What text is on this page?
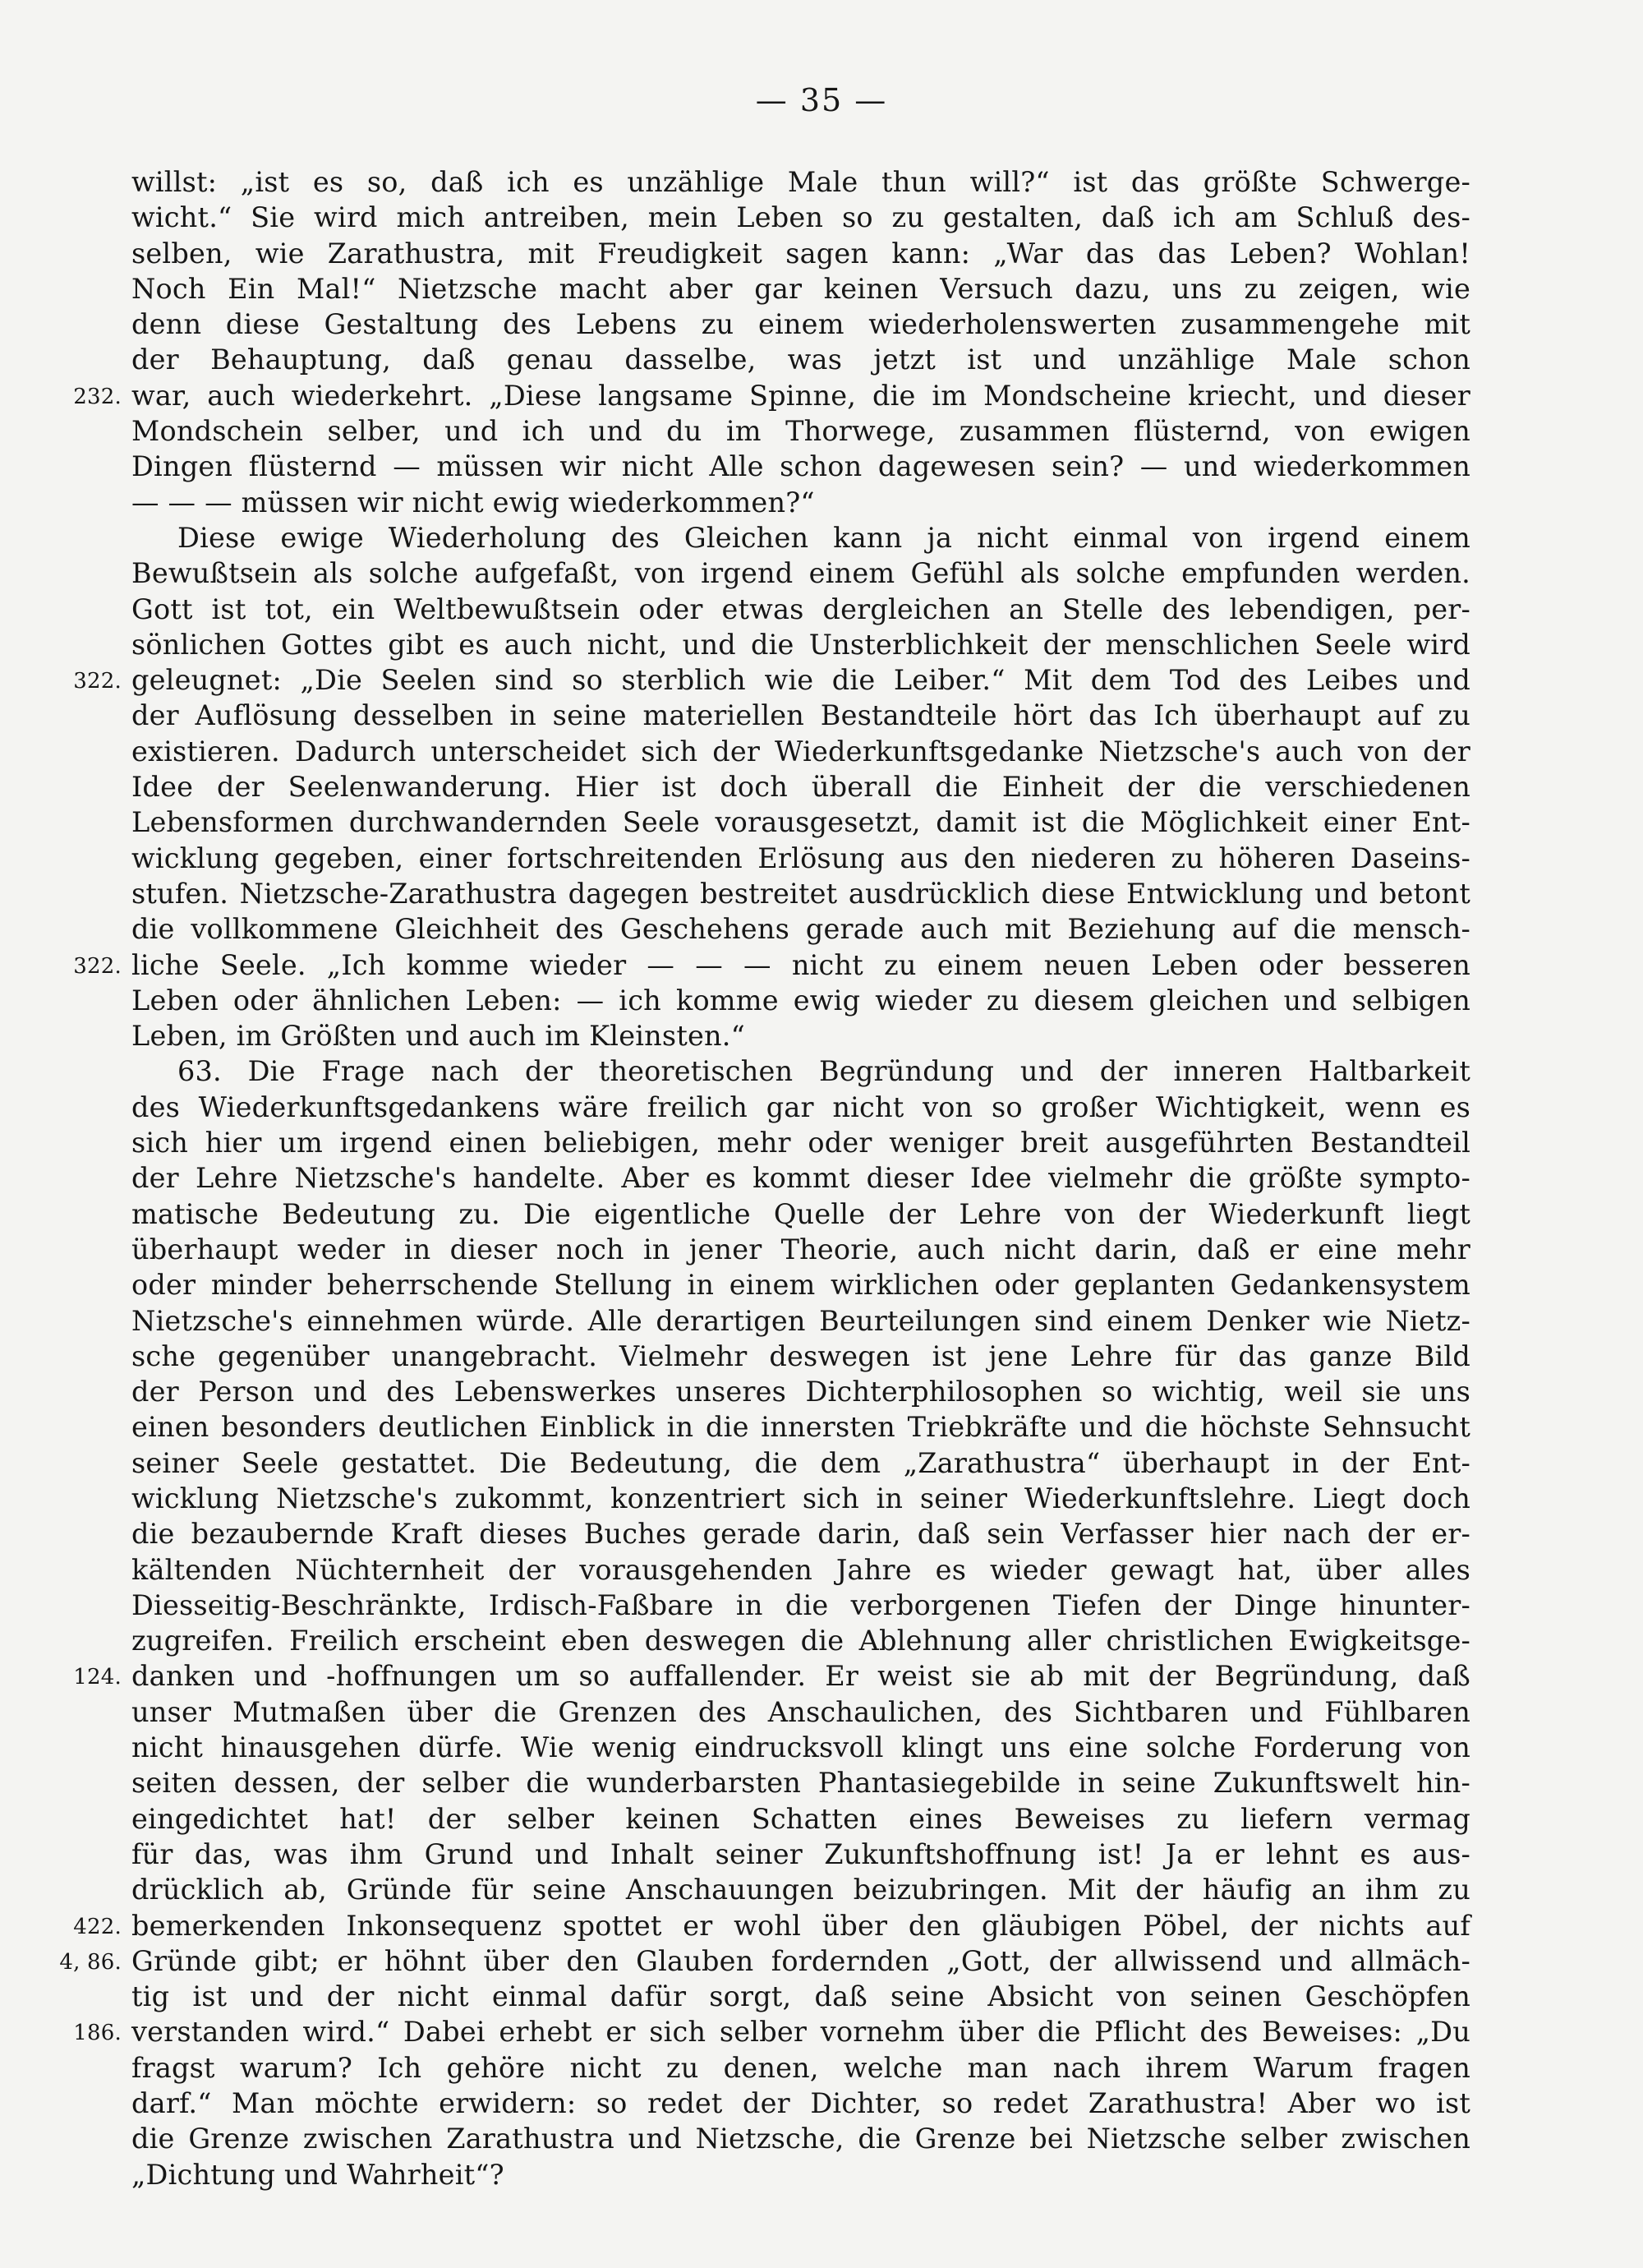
— 35 —
willst: „ist es so, daß ich es unzählige Male thun will?“ ist das größte Schwerge-
wicht.“ Sie wird mich antreiben, mein Leben so zu gestalten, daß ich am Schluß des-
selben, wie Zarathustra, mit Freudigkeit sagen kann: „War das das Leben? Wohlan!
Noch Ein Mal!“ Nietzsche macht aber gar keinen Versuch dazu, uns zu zeigen, wie
denn diese Gestaltung des Lebens zu einem wiederholenswerten zusammengehe mit
der Behauptung, daß genau dasselbe, was jetzt ist und unzählige Male schon
232. war, auch wiederkehrt. „Diese langsame Spinne, die im Mondscheine kriecht, und dieser
Mondschein selber, und ich und du im Thorwege, zusammen flüsternd, von ewigen
Dingen flüsternd — müssen wir nicht Alle schon dagewesen sein? — und wiederkommen
— — — müssen wir nicht ewig wiederkommen?“
Diese ewige Wiederholung des Gleichen kann ja nicht einmal von irgend einem
Bewußtsein als solche aufgefaßt, von irgend einem Gefühl als solche empfunden werden.
Gott ist tot, ein Weltbewußtsein oder etwas dergleichen an Stelle des lebendigen, per-
sönlichen Gottes gibt es auch nicht, und die Unsterblichkeit der menschlichen Seele wird
322. geleugnet: „Die Seelen sind so sterblich wie die Leiber.“ Mit dem Tod des Leibes und
der Auflösung desselben in seine materiellen Bestandteile hört das Ich überhaupt auf zu
existieren. Dadurch unterscheidet sich der Wiederkunftsgedanke Nietzsche's auch von der
Idee der Seelenwanderung. Hier ist doch überall die Einheit der die verschiedenen
Lebensformen durchwandernden Seele vorausgesetzt, damit ist die Möglichkeit einer Ent-
wicklung gegeben, einer fortschreitenden Erlösung aus den niederen zu höheren Daseins-
stufen. Nietzsche-Zarathustra dagegen bestreitet ausdrücklich diese Entwicklung und betont
die vollkommene Gleichheit des Geschehens gerade auch mit Beziehung auf die mensch-
322. liche Seele. „Ich komme wieder — — — nicht zu einem neuen Leben oder besseren
Leben oder ähnlichen Leben: — ich komme ewig wieder zu diesem gleichen und selbigen
Leben, im Größten und auch im Kleinsten.“
63. Die Frage nach der theoretischen Begründung und der inneren Haltbarkeit
des Wiederkunftsgedankens wäre freilich gar nicht von so großer Wichtigkeit, wenn es
sich hier um irgend einen beliebigen, mehr oder weniger breit ausgeführten Bestandteil
der Lehre Nietzsche's handelte. Aber es kommt dieser Idee vielmehr die größte sympto-
matische Bedeutung zu. Die eigentliche Quelle der Lehre von der Wiederkunft liegt
überhaupt weder in dieser noch in jener Theorie, auch nicht darin, daß er eine mehr
oder minder beherrschende Stellung in einem wirklichen oder geplanten Gedankensystem
Nietzsche's einnehmen würde. Alle derartigen Beurteilungen sind einem Denker wie Nietz-
sche gegenüber unangebracht. Vielmehr deswegen ist jene Lehre für das ganze Bild
der Person und des Lebenswerkes unseres Dichterphilosophen so wichtig, weil sie uns
einen besonders deutlichen Einblick in die innersten Triebkräfte und die höchste Sehnsucht
seiner Seele gestattet. Die Bedeutung, die dem „Zarathustra“ überhaupt in der Ent-
wicklung Nietzsche's zukommt, konzentriert sich in seiner Wiederkunftslehre. Liegt doch
die bezaubernde Kraft dieses Buches gerade darin, daß sein Verfasser hier nach der er-
kältenden Nüchternheit der vorausgehenden Jahre es wieder gewagt hat, über alles
Diesseitig-Beschränkte, Irdisch-Faßbare in die verborgenen Tiefen der Dinge hinunter-
zugreifen. Freilich erscheint eben deswegen die Ablehnung aller christlichen Ewigkeitsge-
124. danken und -hoffnungen um so auffallender. Er weist sie ab mit der Begründung, daß
unser Mutmaßen über die Grenzen des Anschaulichen, des Sichtbaren und Fühlbaren
nicht hinausgehen dürfe. Wie wenig eindrucksvoll klingt uns eine solche Forderung von
seiten dessen, der selber die wunderbarsten Phantasiegebilde in seine Zukunftswelt hin-
eingedichtet hat! der selber keinen Schatten eines Beweises zu liefern vermag
für das, was ihm Grund und Inhalt seiner Zukunftshoffnung ist! Ja er lehnt es aus-
drücklich ab, Gründe für seine Anschauungen beizubringen. Mit der häufig an ihm zu
422. bemerkenden Inkonsequenz spottet er wohl über den gläubigen Pöbel, der nichts auf
4, 86. Gründe gibt; er höhnt über den Glauben fordernden „Gott, der allwissend und allmäch-
tig ist und der nicht einmal dafür sorgt, daß seine Absicht von seinen Geschöpfen
186. verstanden wird.“ Dabei erhebt er sich selber vornehm über die Pflicht des Beweises: „Du
fragst warum? Ich gehöre nicht zu denen, welche man nach ihrem Warum fragen
darf.“ Man möchte erwidern: so redet der Dichter, so redet Zarathustra! Aber wo ist
die Grenze zwischen Zarathustra und Nietzsche, die Grenze bei Nietzsche selber zwischen
„Dichtung und Wahrheit“?
